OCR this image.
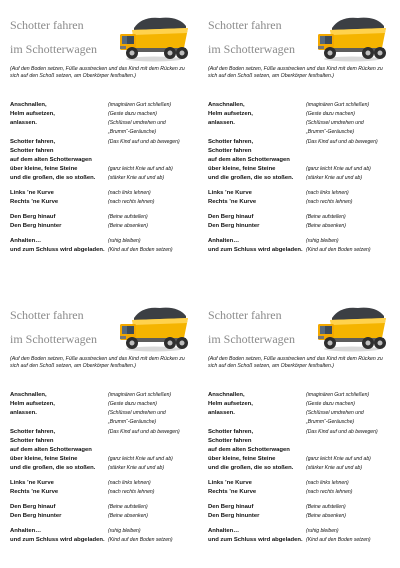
Schotter fahren
im Schotterwagen
(Auf den Boden setzen, Füße ausstrecken und das Kind mit dem Rücken zu sich auf den Schoß setzen, am Oberkörper festhalten.)
Anschnallen,	(imaginären Gurt schließen)
Helm aufsetzen,	(Geste dazu machen)
anlassen.	(Schlüssel umdrehen und
„Brumm“-Geräusche)
Schotter fahren,	(Das Kind auf und ab bewegen)
Schotter fahren
auf dem alten Schotterwagen
über kleine, feine Steine	(ganz leicht Knie auf und ab)
und die großen, die so stoßen. (stärker Knie auf und ab)
Links ’ne Kurve	(nach links lehnen)
Rechts ’ne Kurve	(nach rechts lehnen)
Den Berg hinauf	(Beine aufstellen)
Den Berg hinunter	(Beine absenken)
Anhalten…	(ruhig bleiben)
und zum Schluss wird abgeladen. (Kind auf den Boden setzen)
Schotter fahren
im Schotterwagen
(Auf den Boden setzen, Füße ausstrecken und das Kind mit dem Rücken zu sich auf den Schoß setzen, am Oberkörper festhalten.)
Anschnallen,	(imaginären Gurt schließen)
Helm aufsetzen,	(Geste dazu machen)
anlassen.	(Schlüssel umdrehen und
„Brumm“-Geräusche)
Schotter fahren,	(Das Kind auf und ab bewegen)
Schotter fahren
auf dem alten Schotterwagen
über kleine, feine Steine	(ganz leicht Knie auf und ab)
und die großen, die so stoßen. (stärker Knie auf und ab)
Links ’ne Kurve	(nach links lehnen)
Rechts ’ne Kurve	(nach rechts lehnen)
Den Berg hinauf	(Beine aufstellen)
Den Berg hinunter	(Beine absenken)
Anhalten…	(ruhig bleiben)
und zum Schluss wird abgeladen. (Kind auf den Boden setzen)
Schotter fahren
im Schotterwagen
(Auf den Boden setzen, Füße ausstrecken und das Kind mit dem Rücken zu sich auf den Schoß setzen, am Oberkörper festhalten.)
Anschnallen,	(imaginären Gurt schließen)
Helm aufsetzen,	(Geste dazu machen)
anlassen.	(Schlüssel umdrehen und
„Brumm“-Geräusche)
Schotter fahren,	(Das Kind auf und ab bewegen)
Schotter fahren
auf dem alten Schotterwagen
über kleine, feine Steine	(ganz leicht Knie auf und ab)
und die großen, die so stoßen. (stärker Knie auf und ab)
Links ’ne Kurve	(nach links lehnen)
Rechts ’ne Kurve	(nach rechts lehnen)
Den Berg hinauf	(Beine aufstellen)
Den Berg hinunter	(Beine absenken)
Anhalten…	(ruhig bleiben)
und zum Schluss wird abgeladen. (Kind auf den Boden setzen)
Schotter fahren
im Schotterwagen
(Auf den Boden setzen, Füße ausstrecken und das Kind mit dem Rücken zu sich auf den Schoß setzen, am Oberkörper festhalten.)
Anschnallen,	(imaginären Gurt schließen)
Helm aufsetzen,	(Geste dazu machen)
anlassen.	(Schlüssel umdrehen und
„Brumm“-Geräusche)
Schotter fahren,	(Das Kind auf und ab bewegen)
Schotter fahren
auf dem alten Schotterwagen
über kleine, feine Steine	(ganz leicht Knie auf und ab)
und die großen, die so stoßen. (stärker Knie auf und ab)
Links ’ne Kurve	(nach links lehnen)
Rechts ’ne Kurve	(nach rechts lehnen)
Den Berg hinauf	(Beine aufstellen)
Den Berg hinunter	(Beine absenken)
Anhalten…	(ruhig bleiben)
und zum Schluss wird abgeladen. (Kind auf den Boden setzen)
